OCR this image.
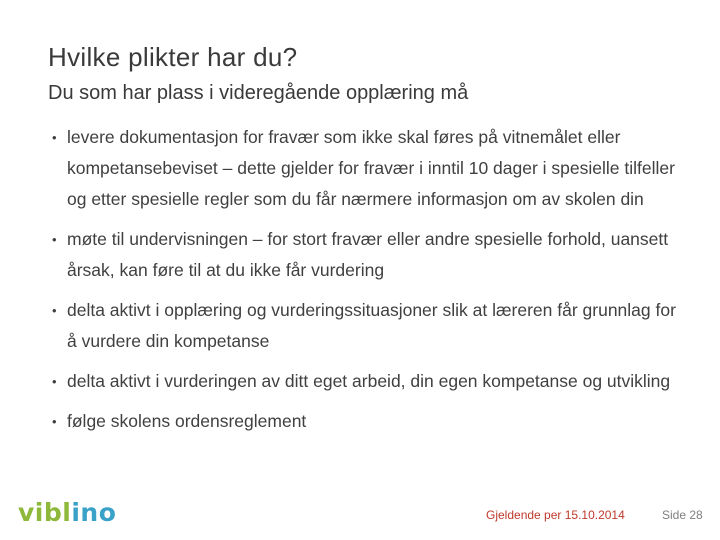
Hvilke plikter har du?
Du som har plass i videregående opplæring må
• levere dokumentasjon for fravær som ikke skal føres på vitnemålet eller kompetansebeviset – dette gjelder for fravær i inntil 10 dager i spesielle tilfeller og etter spesielle regler som du får nærmere informasjon om av skolen din
• møte til undervisningen – for stort fravær eller andre spesielle forhold, uansett årsak, kan føre til at du ikke får vurdering
• delta aktivt i opplæring og vurderingssituasjoner slik at læreren får grunnlag for å vurdere din kompetanse
• delta aktivt i vurderingen av ditt eget arbeid, din egen kompetanse og utvikling
• følge skolens ordensreglement
viblino	Gjeldende per 15.10.2014	Side 28
